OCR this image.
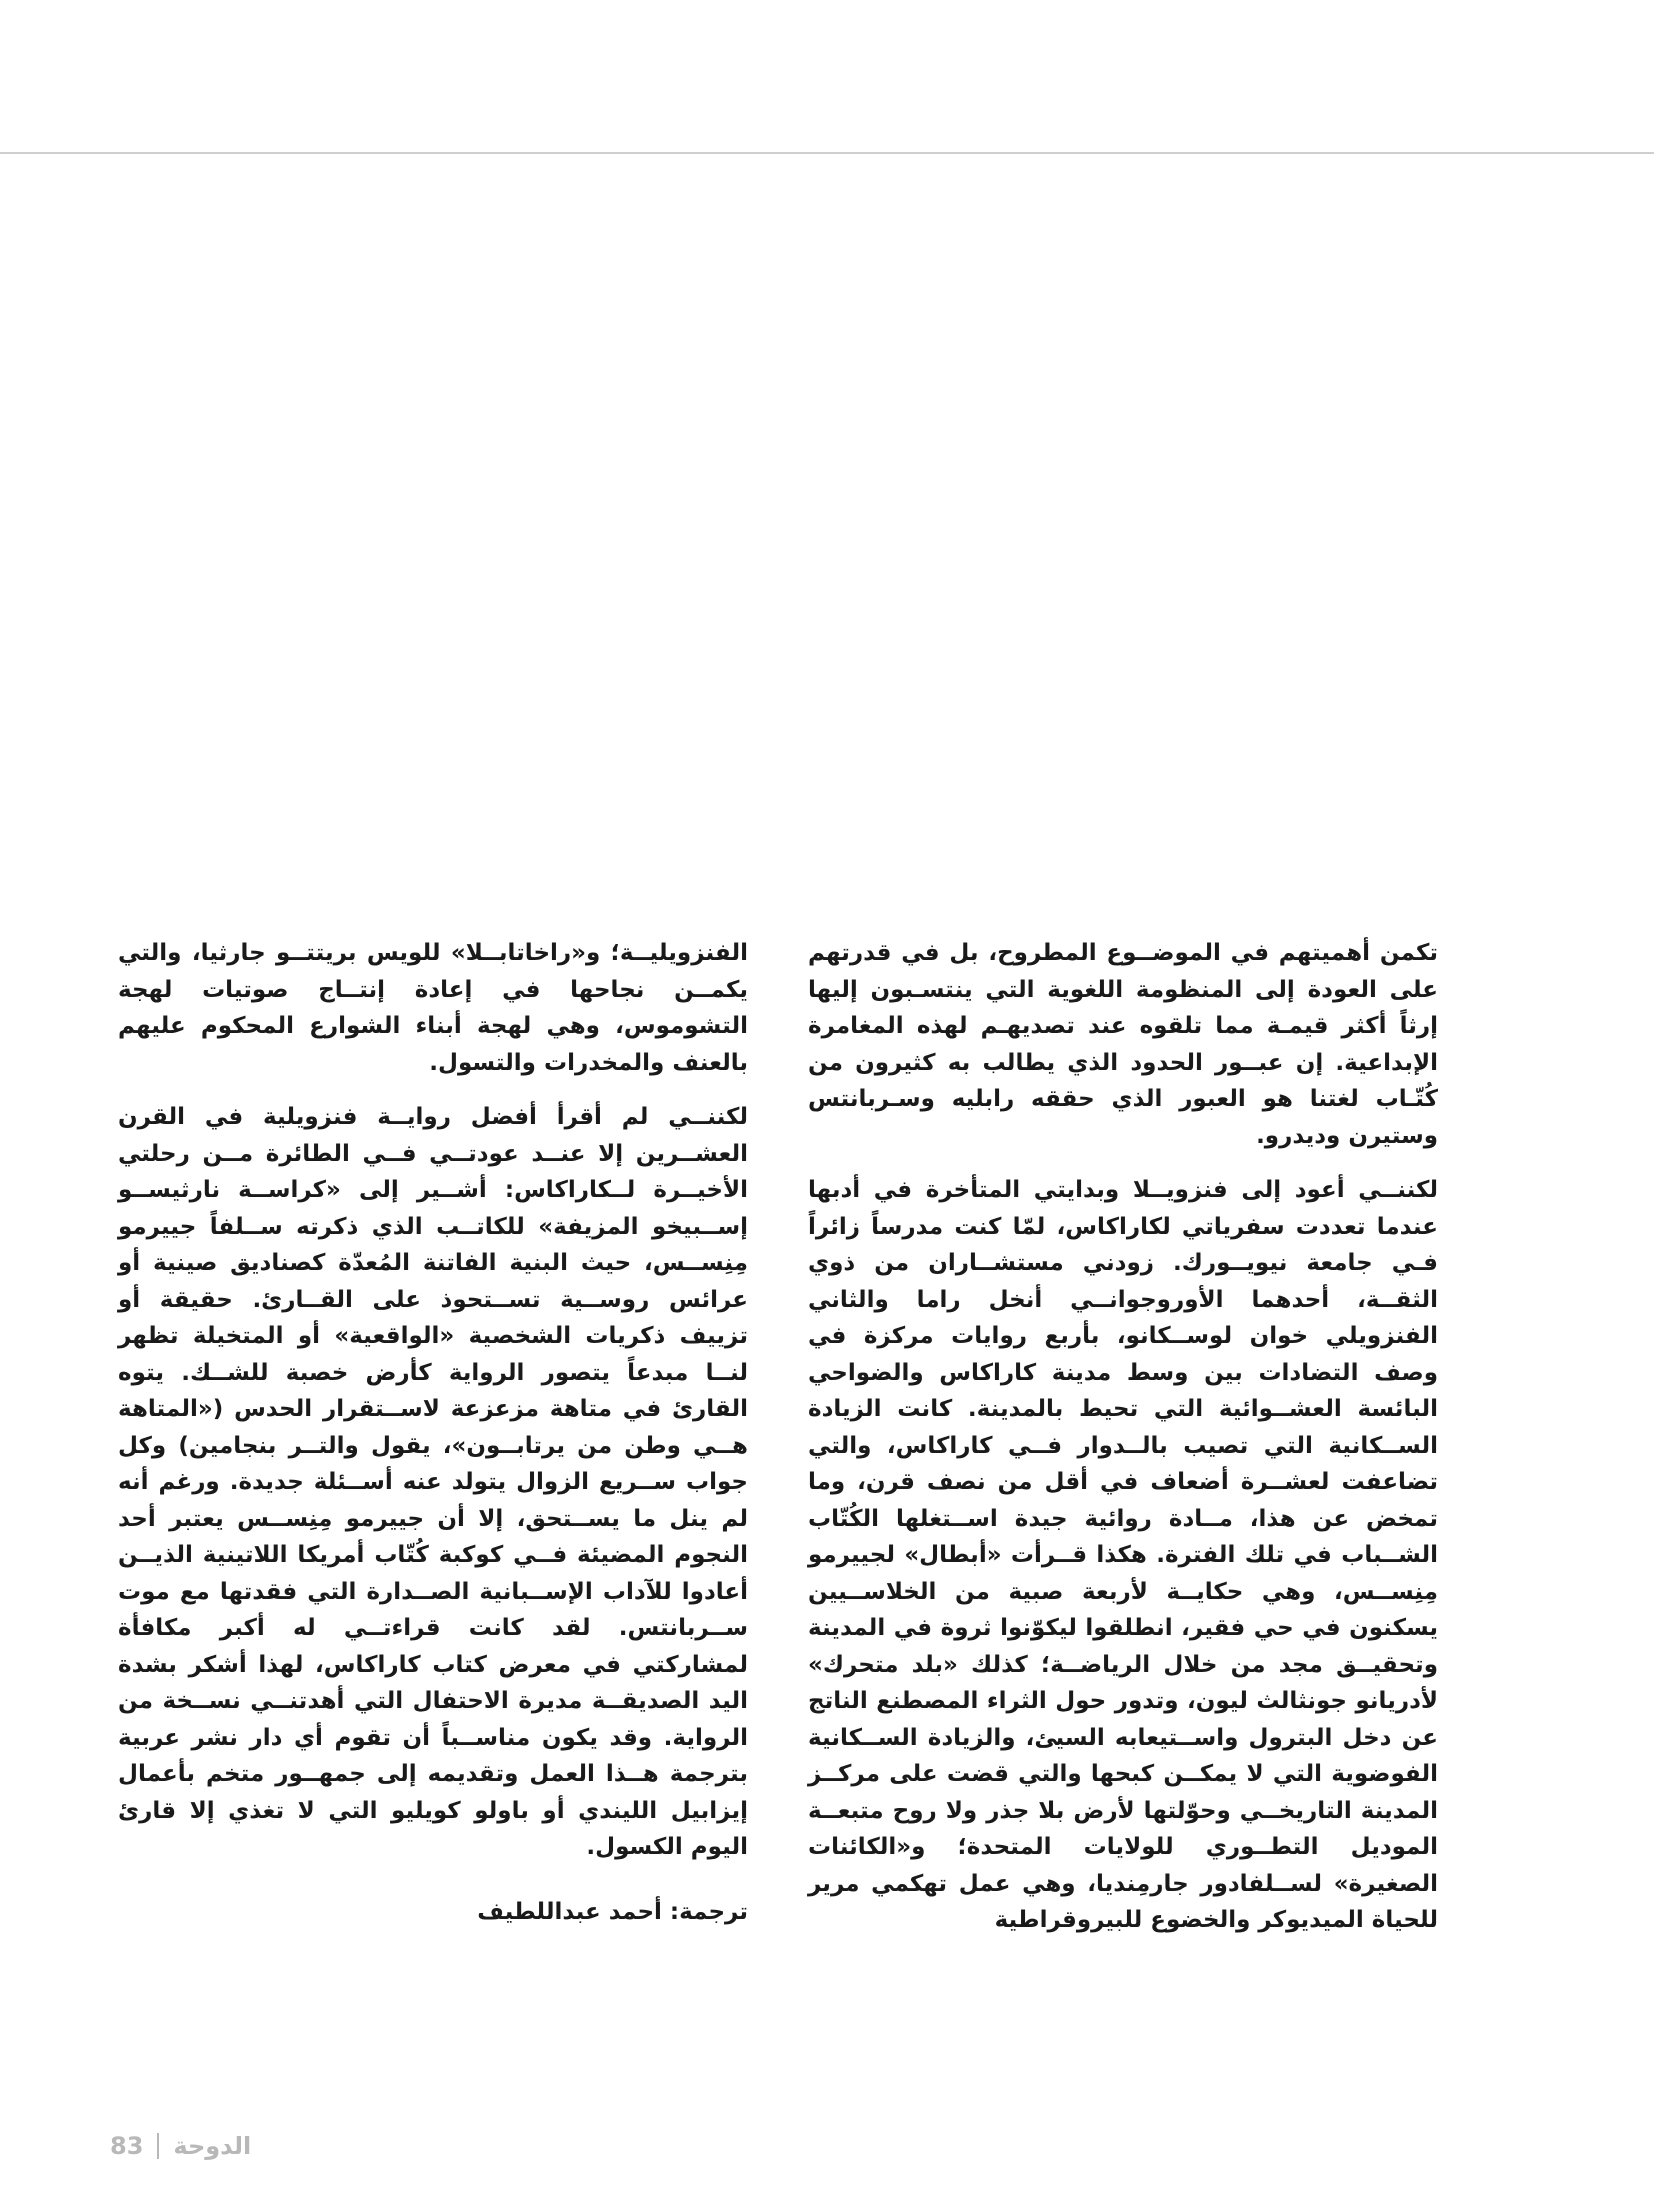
تكمن أهميتهم في الموضــوع المطروح، بل في قدرتهم على العودة إلى المنظومة اللغوية التي ينتسـبون إليها إرثاً أكثر قيمـة مما تلقوه عند تصديهـم لهذه المغامرة الإبداعية. إن عبــور الحدود الذي يطالب به كثيرون من كُتّـاب لغتنا هو العبور الذي حققه رابليه وسـربانتس وستيرن وديدرو.

لكننــي أعود إلى فنزويــلا وبدايتي المتأخرة في أدبها عندما تعددت سفرياتي لكاراكاس، لمّا كنت مدرساً زائراً فـي جامعة نيويــورك. زودني مستشــاران من ذوي الثقــة، أحدهما الأوروجوانــي أنخل راما والثاني الفنزويلي خوان لوســكانو، بأربع روايات مركزة في وصف التضادات بين وسط مدينة كاراكاس والضواحي البائسة العشــوائية التي تحيط بالمدينة. كانت الزيادة الســكانية التي تصيب بالــدوار فــي كاراكاس، والتي تضاعفت لعشــرة أضعاف في أقل من نصف قرن، وما تمخض عن هذا، مــادة روائية جيدة اســتغلها الكُتّاب الشــباب في تلك الفترة. هكذا قــرأت «أبطال» لجييرمو مِنِســس، وهي حكايــة لأربعة صبية من الخلاســيين يسكنون في حي فقير، انطلقوا ليكوّنوا ثروة في المدينة وتحقيــق مجد من خلال الرياضــة؛ كذلك «بلد متحرك» لأدريانو جونثالث ليون، وتدور حول الثراء المصطنع الناتج عن دخل البترول واســتيعابه السيئ، والزيادة الســكانية الفوضوية التي لا يمكــن كبحها والتي قضت على مركــز المدينة التاريخــي وحوّلتها لأرض بلا جذر ولا روح متبعــة الموديل التطــوري للولايات المتحدة؛ و«الكائنات الصغيرة» لســلفادور جارمِنديا، وهي عمل تهكمي مرير للحياة الميديوكر والخضوع للبيروقراطية

الفنزويليــة؛ و«راخاتابــلا» للويس بريتتــو جارثيا، والتي يكمــن نجاحها في إعادة إنتــاج صوتيات لهجة التشوموس، وهي لهجة أبناء الشوارع المحكوم عليهم بالعنف والمخدرات والتسول.

لكننــي لم أقرأ أفضل روايــة فنزويلية في القرن العشــرين إلا عنــد عودتــي فــي الطائرة مــن رحلتي الأخيــرة لــكاراكاس: أشــير إلى «كراســة نارثيســو إســبيخو المزيفة» للكاتــب الذي ذكرته ســلفاً جييرمو مِنِســس، حيث البنية الفاتنة المُعدّة كصناديق صينية أو عرائس روســية تســتحوذ على القــارئ. حقيقة أو تزييف ذكريات الشخصية «الواقعية» أو المتخيلة تظهر لنــا مبدعاً يتصور الرواية كأرض خصبة للشــك. يتوه القارئ في متاهة مزعزعة لاســتقرار الحدس («المتاهة هــي وطن من يرتابــون»، يقول والتــر بنجامين) وكل جواب ســريع الزوال يتولد عنه أســئلة جديدة. ورغم أنه لم ينل ما يســتحق، إلا أن جييرمو مِنِســس يعتبر أحد النجوم المضيئة فــي كوكبة كُتّاب أمريكا اللاتينية الذيــن أعادوا للآداب الإســبانية الصــدارة التي فقدتها مع موت ســربانتس. لقد كانت قراءتــي له أكبر مكافأة لمشاركتي في معرض كتاب كاراكاس، لهذا أشكر بشدة اليد الصديقــة مديرة الاحتفال التي أهدتنــي نســخة من الرواية. وقد يكون مناســباً أن تقوم أي دار نشر عربية بترجمة هــذا العمل وتقديمه إلى جمهــور متخم بأعمال إيزابيل الليندي أو باولو كويليو التي لا تغذي إلا قارئ اليوم الكسول.

ترجمة: أحمد عبداللطيف
83 الدوحة
